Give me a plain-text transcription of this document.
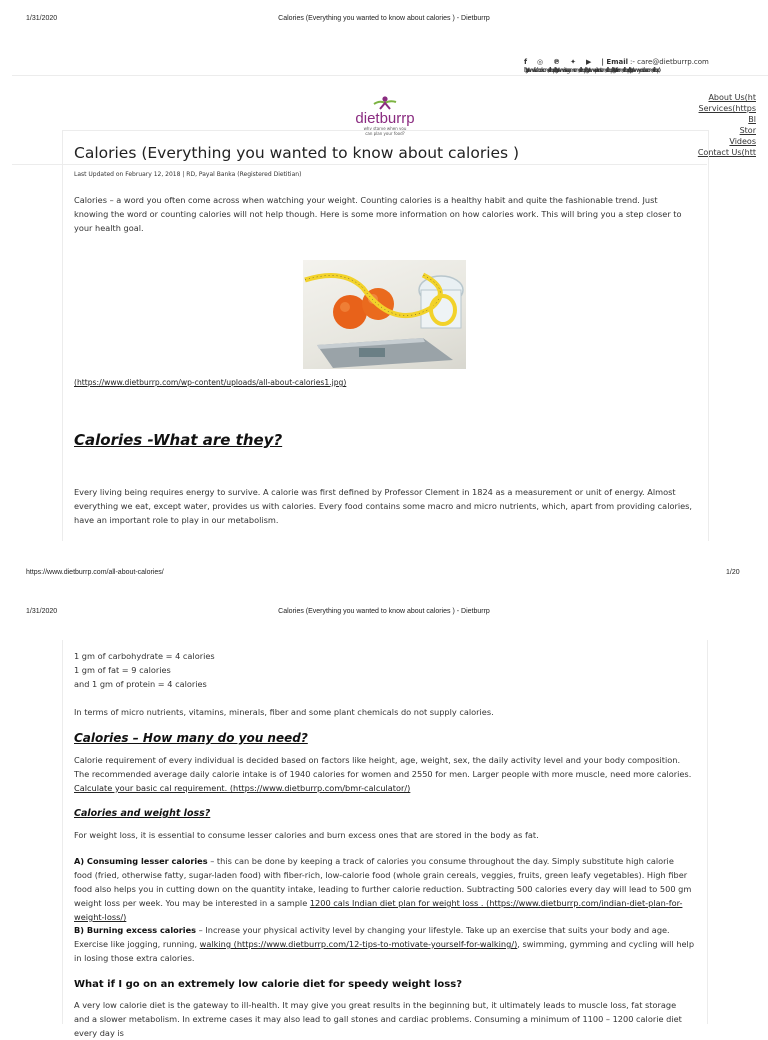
1/31/2020	Calories (Everything you wanted to know about calories ) - Dietburrp
f ◎ ℗ ✦ ▶ | Email :- care@dietburrp.com
(https://www.facebook.com/dietburrp)(https://www.instagram.com/dietburrp)(https://www.pinterest.com/dietburrp)(https://twitter.com/dietburrp)(https://www.youtube.com/dietburrp)
dietburrp
why starve when you
can plan your food?
About Us(ht
Services(https
Bl
Stor
Videos
Contact Us(htt
Calories (Everything you wanted to know about calories )
Last Updated on February 12, 2018 | RD, Payal Banka (Registered Dietitian)
Calories – a word you often come across when watching your weight. Counting calories is a healthy habit and quite the fashionable trend. Just knowing the word or counting calories will not help though. Here is some more information on how calories work. This will bring you a step closer to your health goal.
(https://www.dietburrp.com/wp-content/uploads/all-about-calories1.jpg)
Calories -What are they?
Every living being requires energy to survive. A calorie was first defined by Professor Clement in 1824 as a measurement or unit of energy. Almost everything we eat, except water, provides us with calories. Every food contains some macro and micro nutrients, which, apart from providing calories, have an important role to play in our metabolism.
https://www.dietburrp.com/all-about-calories/	1/20
1/31/2020	Calories (Everything you wanted to know about calories ) - Dietburrp
1 gm of carbohydrate = 4 calories
1 gm of fat = 9 calories
and 1 gm of protein = 4 calories
In terms of micro nutrients, vitamins, minerals, fiber and some plant chemicals do not supply calories.
Calories – How many do you need?
Calorie requirement of every individual is decided based on factors like height, age, weight, sex, the daily activity level and your body composition. The recommended average daily calorie intake is of 1940 calories for women and 2550 for men. Larger people with more muscle, need more calories.
Calculate your basic cal requirement. (https://www.dietburrp.com/bmr-calculator/)
Calories and weight loss?
For weight loss, it is essential to consume lesser calories and burn excess ones that are stored in the body as fat.
A) Consuming lesser calories – this can be done by keeping a track of calories you consume throughout the day. Simply substitute high calorie food (fried, otherwise fatty, sugar-laden food) with fiber-rich, low-calorie food (whole grain cereals, veggies, fruits, green leafy vegetables). High fiber food also helps you in cutting down on the quantity intake, leading to further calorie reduction. Subtracting 500 calories every day will lead to 500 gm weight loss per week. You may be interested in a sample 1200 cals Indian diet plan for weight loss . (https://www.dietburrp.com/indian-diet-plan-for-weight-loss/)
B) Burning excess calories – Increase your physical activity level by changing your lifestyle. Take up an exercise that suits your body and age. Exercise like jogging, running, walking (https://www.dietburrp.com/12-tips-to-motivate-yourself-for-walking/), swimming, gymming and cycling will help in losing those extra calories.
What if I go on an extremely low calorie diet for speedy weight loss?
A very low calorie diet is the gateway to ill-health. It may give you great results in the beginning but, it ultimately leads to muscle loss, fat storage and a slower metabolism. In extreme cases it may also lead to gall stones and cardiac problems. Consuming a minimum of 1100 – 1200 calorie diet every day is
